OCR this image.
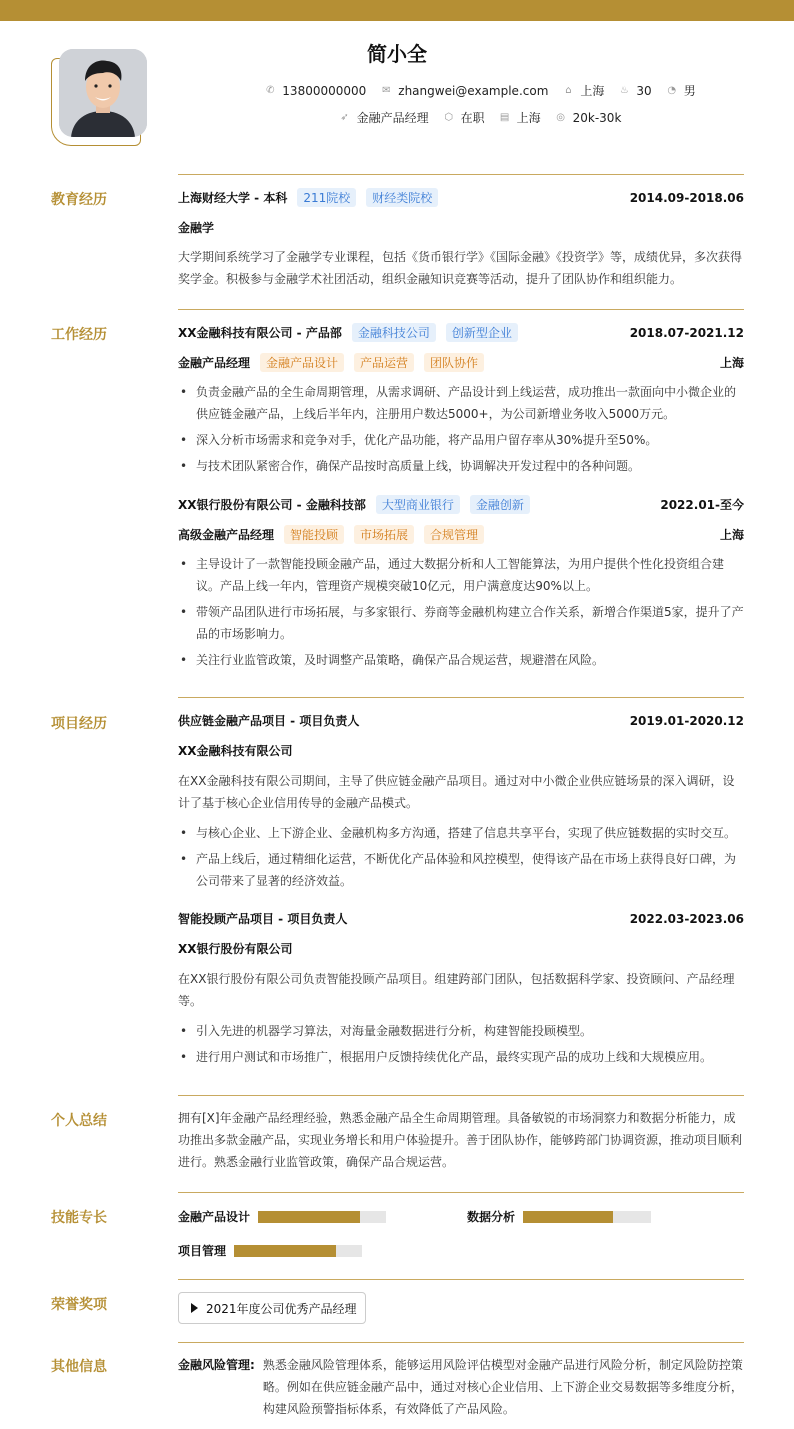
简小全
✆ 13800000000 ✉ zhangwei@example.com ⌂ 上海 ♨ 30 ◔ 男
➶ 金融产品经理 ⬡ 在职 ▤ 上海 ◎ 20k-30k
教育经历	上海财经大学 - 本科	211院校	财经类院校	2014.09-2018.06
金融学
大学期间系统学习了金融学专业课程，包括《货币银行学》《国际金融》《投资学》等，成绩优异，多次获得奖学金。积极参与金融学术社团活动，组织金融知识竞赛等活动，提升了团队协作和组织能力。
工作经历	XX金融科技有限公司 - 产品部	金融科技公司	创新型企业	2018.07-2021.12
金融产品经理	金融产品设计	产品运营	团队协作	上海
• 负责金融产品的全生命周期管理，从需求调研、产品设计到上线运营，成功推出一款面向中小微企业的供应链金融产品，上线后半年内，注册用户数达5000+，为公司新增业务收入5000万元。
• 深入分析市场需求和竞争对手，优化产品功能，将产品用户留存率从30%提升至50%。
• 与技术团队紧密合作，确保产品按时高质量上线，协调解决开发过程中的各种问题。
XX银行股份有限公司 - 金融科技部	大型商业银行	金融创新	2022.01-至今
高级金融产品经理	智能投顾	市场拓展	合规管理	上海
• 主导设计了一款智能投顾金融产品，通过大数据分析和人工智能算法，为用户提供个性化投资组合建议。产品上线一年内，管理资产规模突破10亿元，用户满意度达90%以上。
• 带领产品团队进行市场拓展，与多家银行、券商等金融机构建立合作关系，新增合作渠道5家，提升了产品的市场影响力。
• 关注行业监管政策，及时调整产品策略，确保产品合规运营，规避潜在风险。
项目经历	供应链金融产品项目 - 项目负责人	2019.01-2020.12
XX金融科技有限公司
在XX金融科技有限公司期间，主导了供应链金融产品项目。通过对中小微企业供应链场景的深入调研，设计了基于核心企业信用传导的金融产品模式。
• 与核心企业、上下游企业、金融机构多方沟通，搭建了信息共享平台，实现了供应链数据的实时交互。
• 产品上线后，通过精细化运营，不断优化产品体验和风控模型，使得该产品在市场上获得良好口碑，为公司带来了显著的经济效益。
智能投顾产品项目 - 项目负责人	2022.03-2023.06
XX银行股份有限公司
在XX银行股份有限公司负责智能投顾产品项目。组建跨部门团队，包括数据科学家、投资顾问、产品经理等。
• 引入先进的机器学习算法，对海量金融数据进行分析，构建智能投顾模型。
• 进行用户测试和市场推广，根据用户反馈持续优化产品，最终实现产品的成功上线和大规模应用。
个人总结	拥有[X]年金融产品经理经验，熟悉金融产品全生命周期管理。具备敏锐的市场洞察力和数据分析能力，成功推出多款金融产品，实现业务增长和用户体验提升。善于团队协作，能够跨部门协调资源，推动项目顺利进行。熟悉金融行业监管政策，确保产品合规运营。
技能专长	金融产品设计	数据分析
项目管理
荣誉奖项	2021年度公司优秀产品经理
其他信息	金融风险管理: 熟悉金融风险管理体系，能够运用风险评估模型对金融产品进行风险分析，制定风险防控策略。例如在供应链金融产品中，通过对核心企业信用、上下游企业交易数据等多维度分析，构建风险预警指标体系，有效降低了产品风险。
